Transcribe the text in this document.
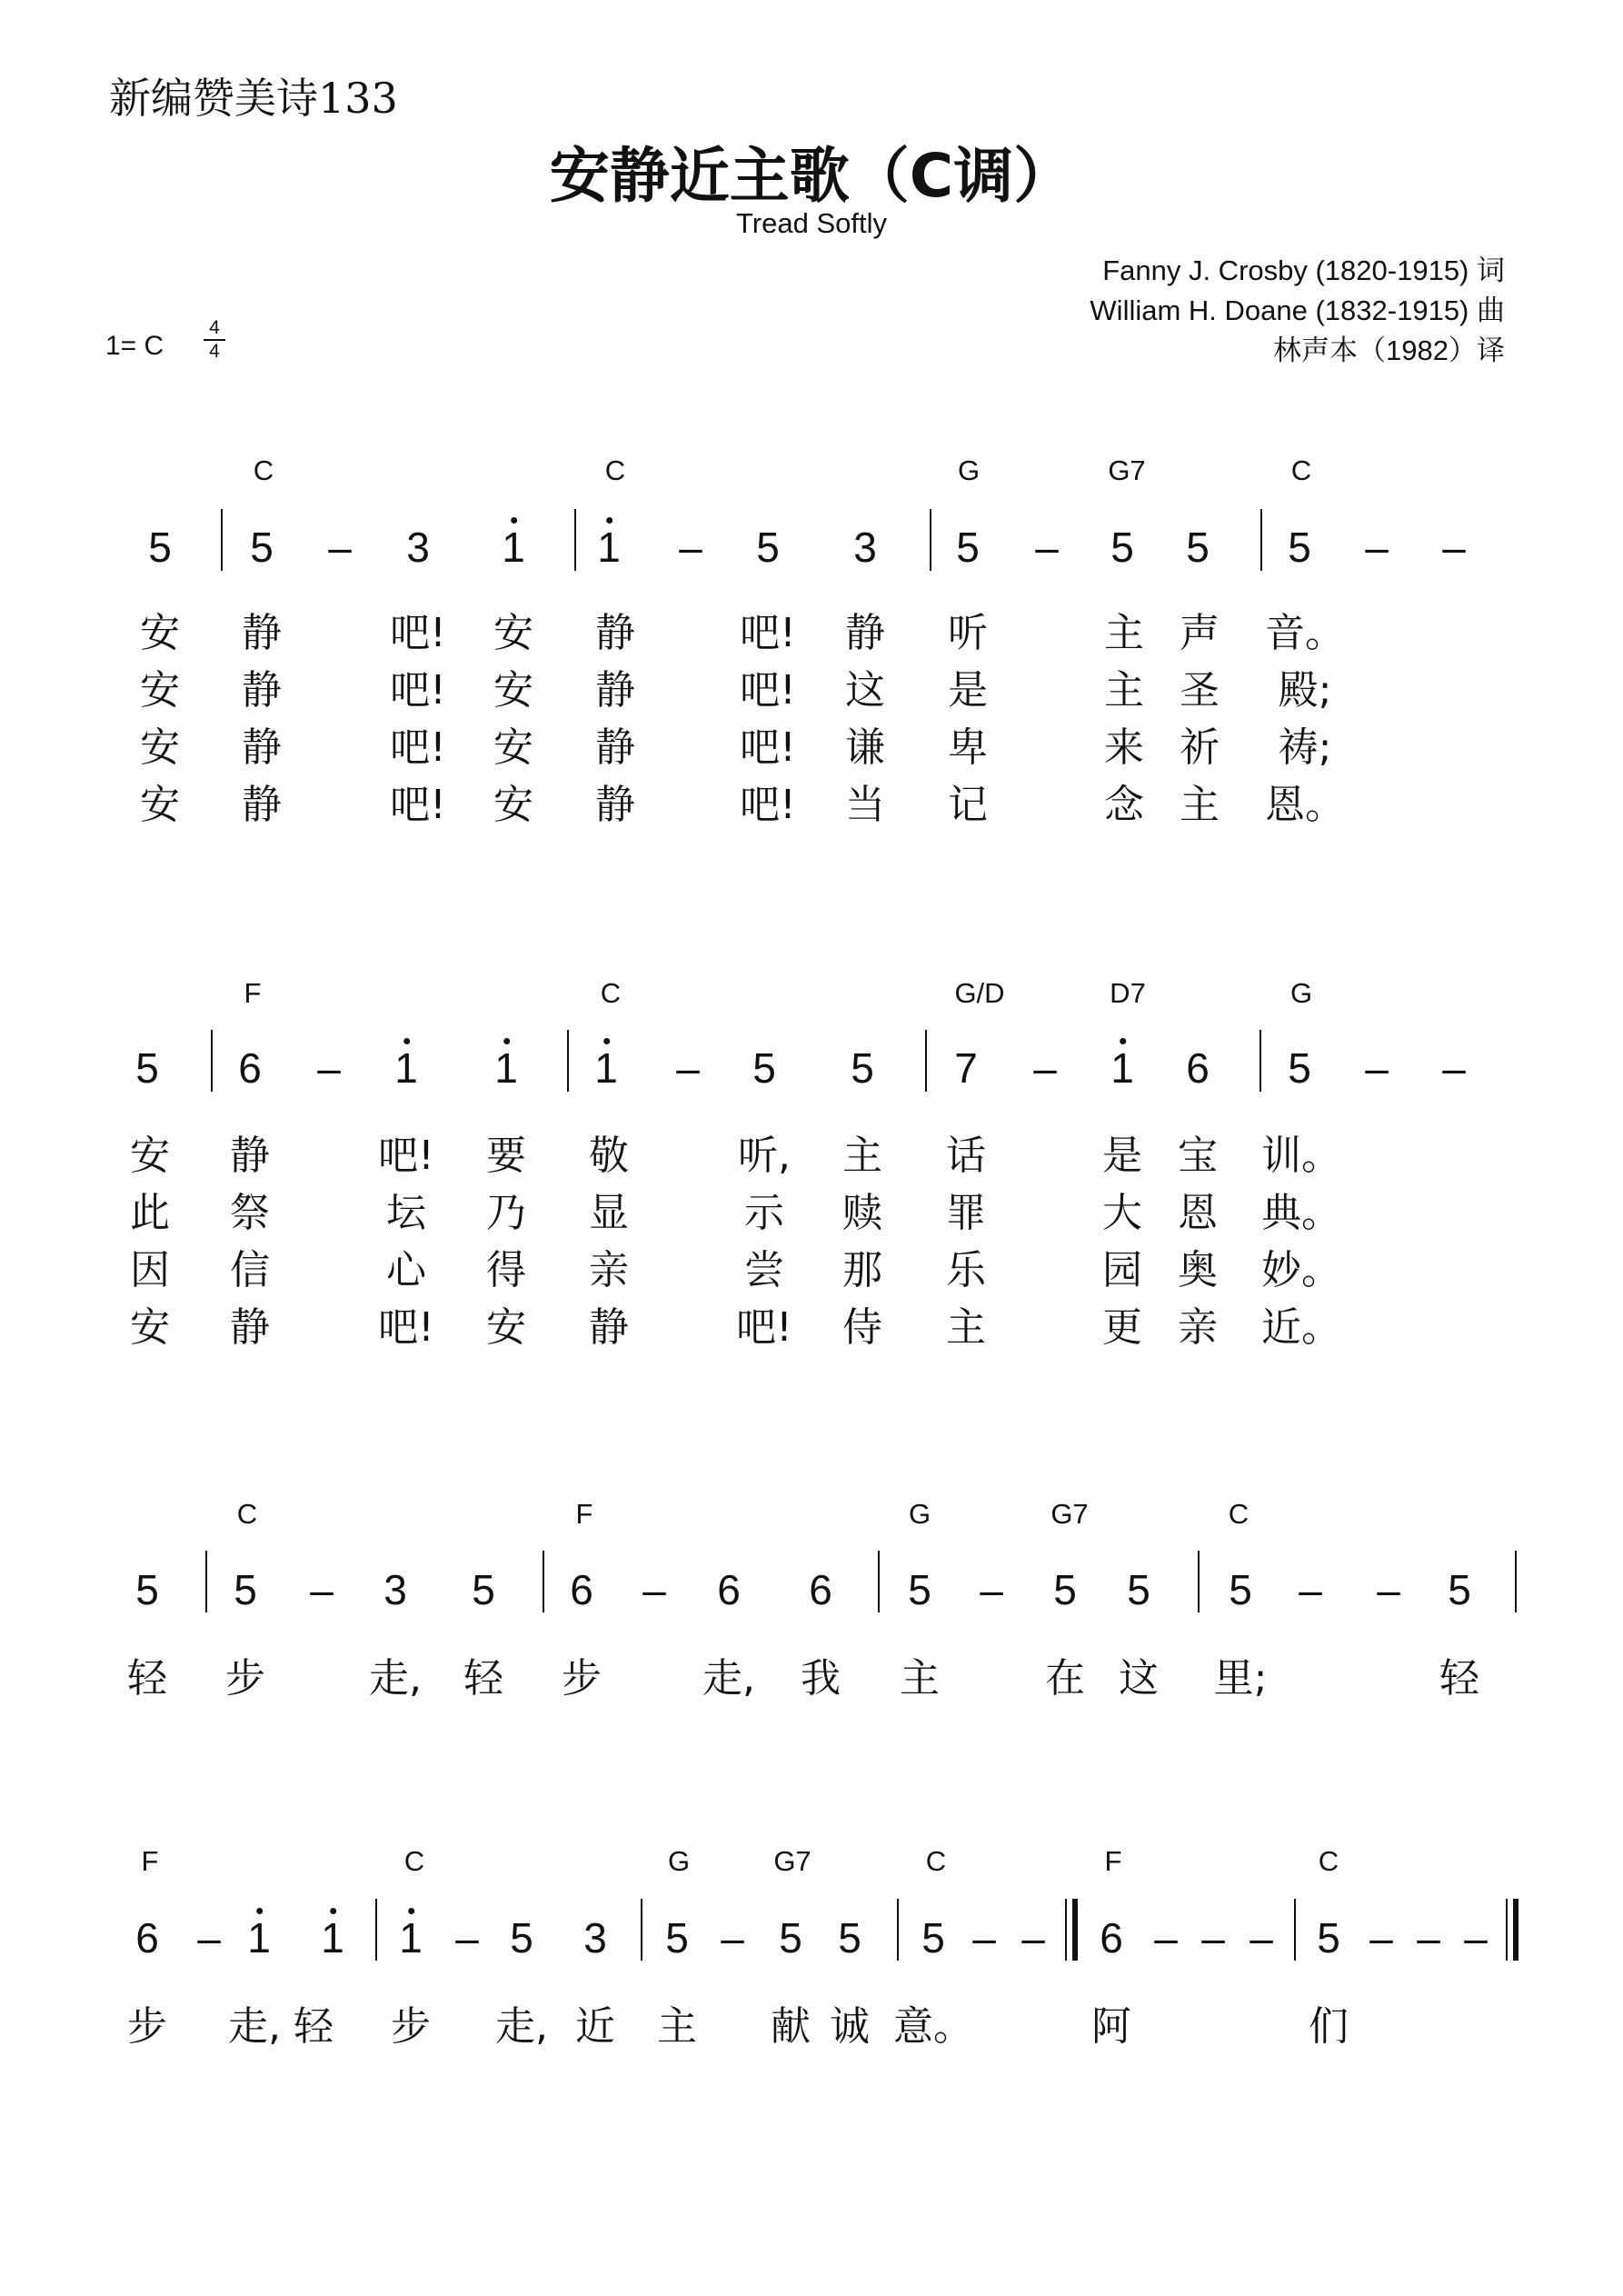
新编赞美诗133
安静近主歌（C调）
Tread Softly
Fanny J. Crosby (1820-1915) 词
William H. Doane (1832-1915) 曲
林声本（1982）译
1= C
4
4
C	C	G	G7	C
5 5 – 3 1 1 – 5 3 5 – 5 5 5 – –
安 静	吧! 安 静	吧! 静 听	主 声 音。
安 静	吧! 安 静	吧! 这 是	主 圣 殿;
安 静	吧! 安 静	吧! 谦 卑	来 祈 祷;
安 静	吧! 安 静	吧! 当 记	念 主 恩。
F	C	G/D	D7	G
5 6 – 1 1 1 – 5 5 7 – 1 6 5 – –
安 静	吧! 要 敬	听, 主 话	是 宝 训。
此 祭	坛 乃 显	示 赎 罪	大 恩 典。
因 信	心 得 亲	尝 那 乐	园 奥 妙。
安 静	吧! 安 静	吧! 侍 主	更 亲 近。
C	F	G	G7	C
5 5 – 3 5 6 – 6 6 5 – 5 5 5 – – 5
轻 步	走, 轻 步	走, 我 主	在 这 里;	轻
F	C	G	G7	C	F	C
6 – 1 1 1 – 5 3 5 – 5 5 5 – – 6 – – – 5 – – –
步 走, 轻 步 走, 近 主 献 诚 意。	阿	们
